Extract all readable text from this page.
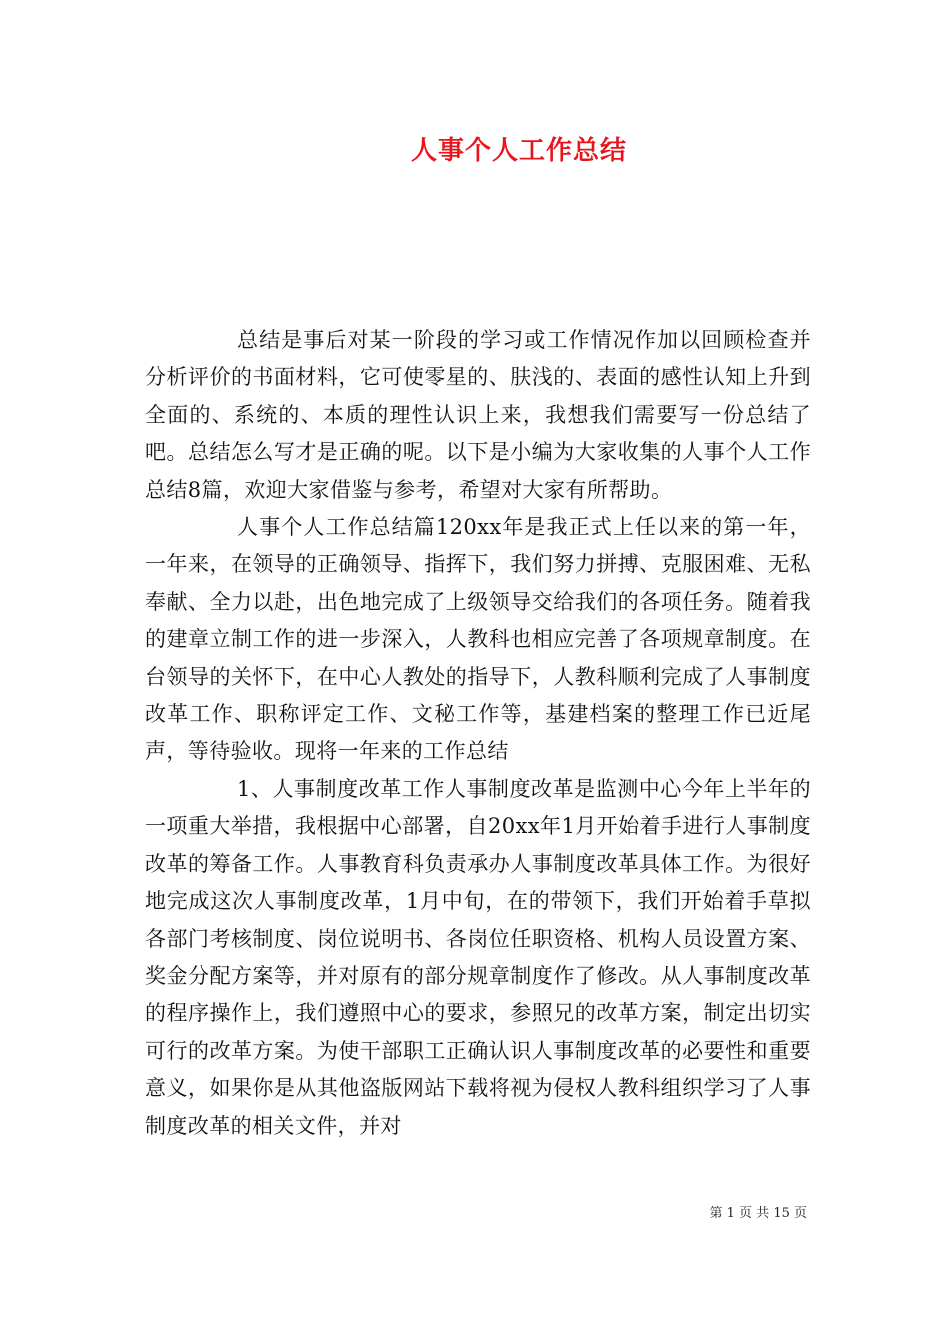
人事个人工作总结

总结是事后对某一阶段的学习或工作情况作加以回顾检查并分析评价的书面材料，它可使零星的、肤浅的、表面的感性认知上升到全面的、系统的、本质的理性认识上来，我想我们需要写一份总结了吧。总结怎么写才是正确的呢。以下是小编为大家收集的人事个人工作总结8篇，欢迎大家借鉴与参考，希望对大家有所帮助。

人事个人工作总结篇120xx年是我正式上任以来的第一年，一年来，在领导的正确领导、指挥下，我们努力拼搏、克服困难、无私奉献、全力以赴，出色地完成了上级领导交给我们的各项任务。随着我的建章立制工作的进一步深入，人教科也相应完善了各项规章制度。在台领导的关怀下，在中心人教处的指导下，人教科顺利完成了人事制度改革工作、职称评定工作、文秘工作等，基建档案的整理工作已近尾声，等待验收。现将一年来的工作总结

1、人事制度改革工作人事制度改革是监测中心今年上半年的一项重大举措，我根据中心部署，自20xx年1月开始着手进行人事制度改革的筹备工作。人事教育科负责承办人事制度改革具体工作。为很好地完成这次人事制度改革，1月中旬，在的带领下，我们开始着手草拟各部门考核制度、岗位说明书、各岗位任职资格、机构人员设置方案、奖金分配方案等，并对原有的部分规章制度作了修改。从人事制度改革的程序操作上，我们遵照中心的要求，参照兄的改革方案，制定出切实可行的改革方案。为使干部职工正确认识人事制度改革的必要性和重要意义，如果你是从其他盗版网站下载将视为侵权人教科组织学习了人事制度改革的相关文件，并对

第 1 页 共 15 页
